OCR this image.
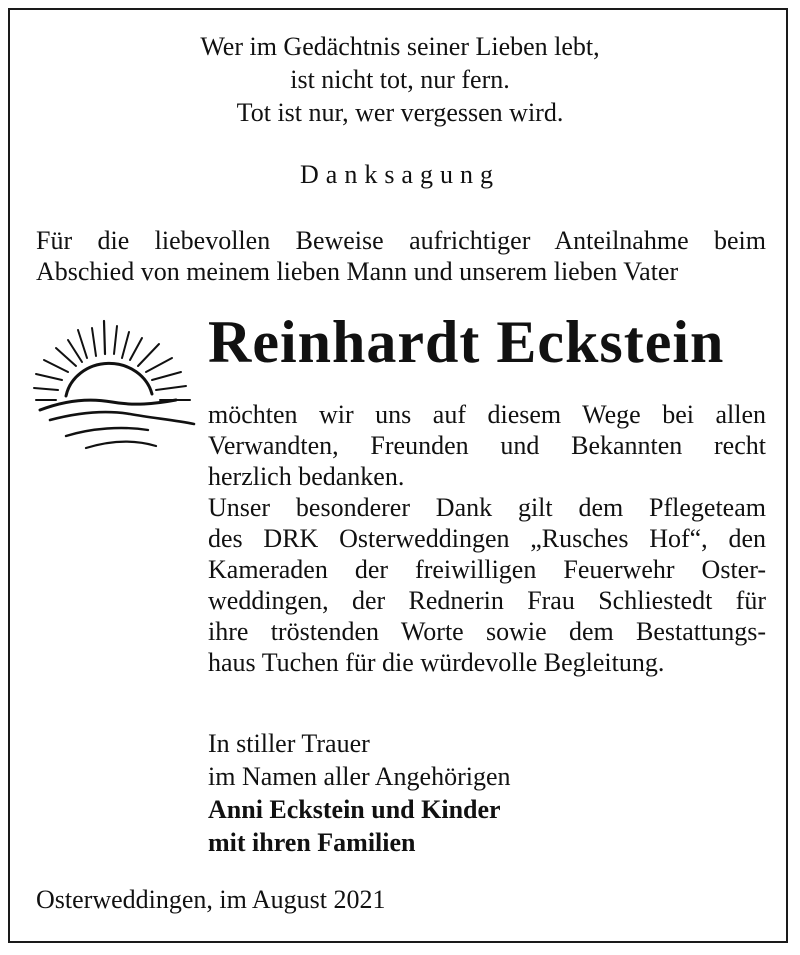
Wer im Gedächtnis seiner Lieben lebt,
ist nicht tot, nur fern.
Tot ist nur, wer vergessen wird.
Danksagung
Für die liebevollen Beweise aufrichtiger Anteilnahme beim
Abschied von meinem lieben Mann und unserem lieben Vater
Reinhardt Eckstein
möchten wir uns auf diesem Wege bei allen
Verwandten, Freunden und Bekannten recht
herzlich bedanken.
Unser besonderer Dank gilt dem Pflegeteam
des DRK Osterweddingen „Rusches Hof“, den
Kameraden der freiwilligen Feuerwehr Oster-
weddingen, der Rednerin Frau Schliestedt für
ihre tröstenden Worte sowie dem Bestattungs-
haus Tuchen für die würdevolle Begleitung.
In stiller Trauer
im Namen aller Angehörigen
Anni Eckstein und Kinder
mit ihren Familien
Osterweddingen, im August 2021
